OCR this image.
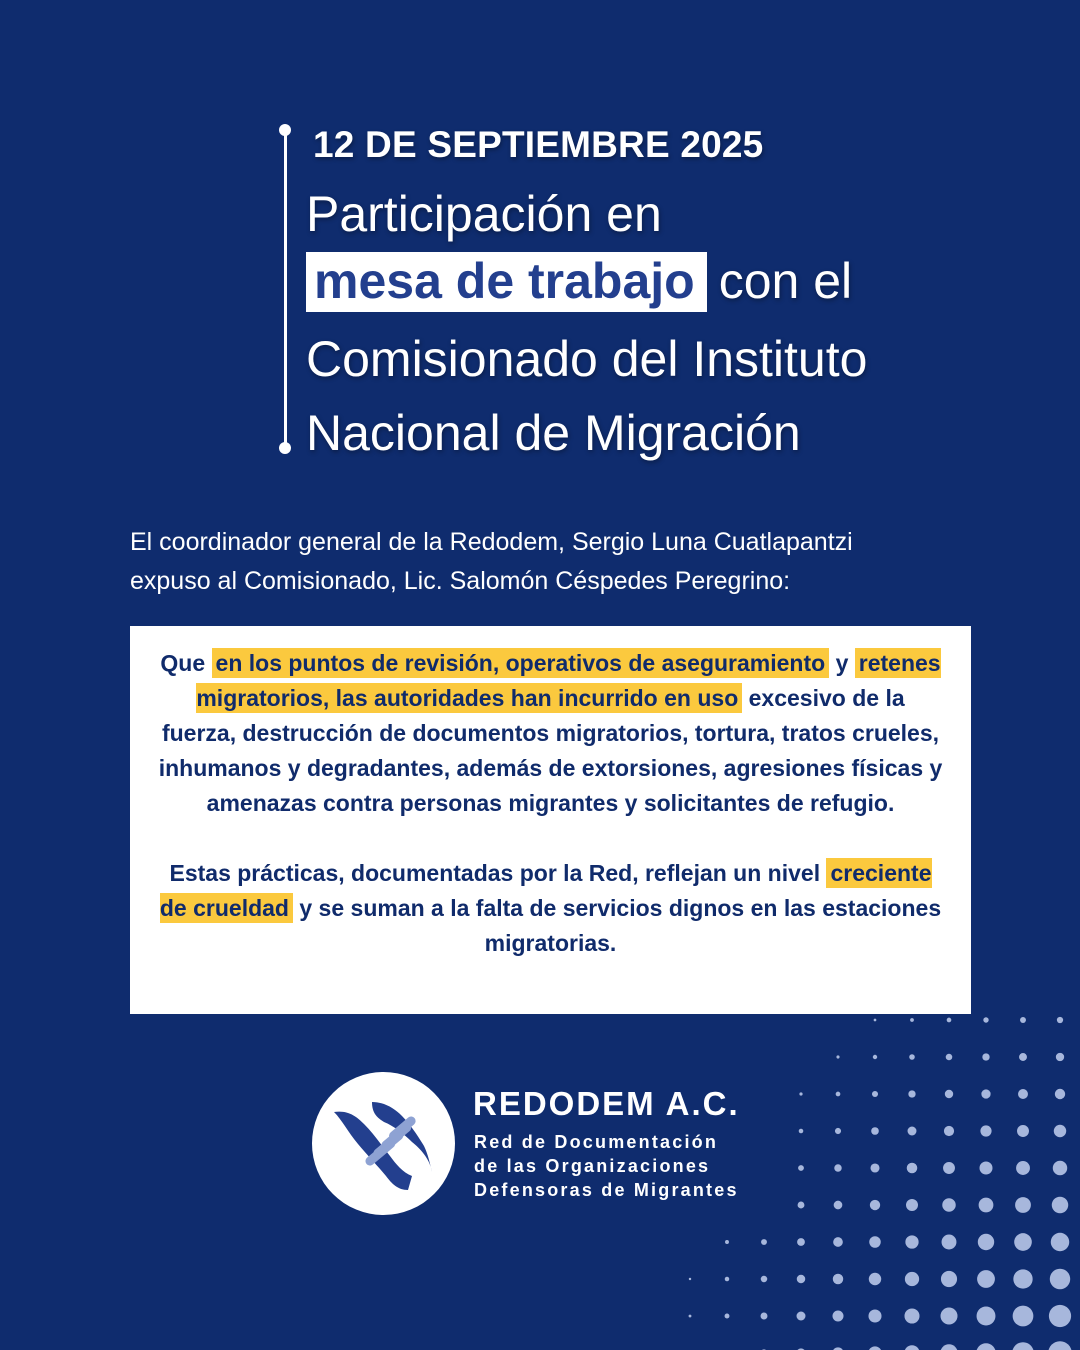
12 DE SEPTIEMBRE 2025
Participación en
mesa de trabajo con el
Comisionado del Instituto
Nacional de Migración
El coordinador general de la Redodem, Sergio Luna Cuatlapantzi
expuso al Comisionado, Lic. Salomón Céspedes Peregrino:

Que en los puntos de revisión, operativos de aseguramiento y retenes migratorios, las autoridades han incurrido en uso excesivo de la fuerza, destrucción de documentos migratorios, tortura, tratos crueles, inhumanos y degradantes, además de extorsiones, agresiones físicas y amenazas contra personas migrantes y solicitantes de refugio.

Estas prácticas, documentadas por la Red, reflejan un nivel creciente de crueldad y se suman a la falta de servicios dignos en las estaciones migratorias.

REDODEM A.C.
Red de Documentación
de las Organizaciones
Defensoras de Migrantes
